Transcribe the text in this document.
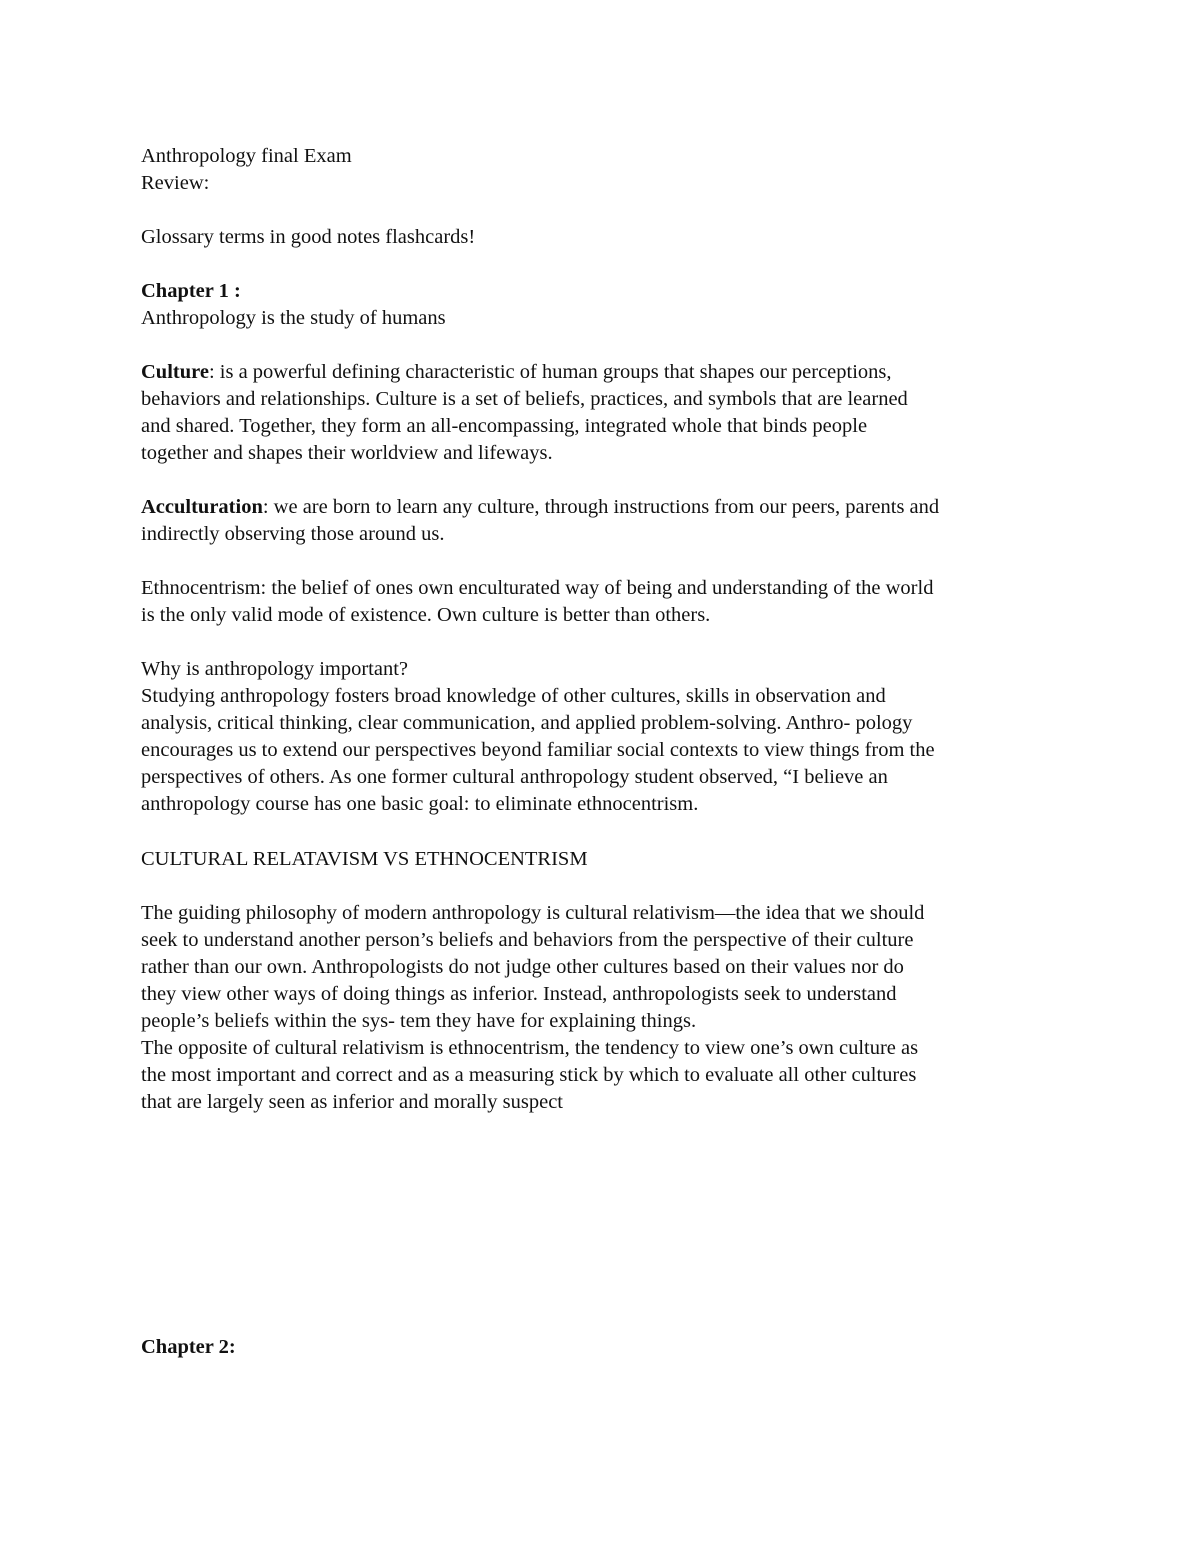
Anthropology final Exam
Review:
Glossary terms in good notes flashcards!
Chapter 1 :
Anthropology is the study of humans
Culture: is a powerful defining characteristic of human groups that shapes our perceptions,
behaviors and relationships. Culture is a set of beliefs, practices, and symbols that are learned
and shared. Together, they form an all-encompassing, integrated whole that binds people
together and shapes their worldview and lifeways.
Acculturation: we are born to learn any culture, through instructions from our peers, parents and
indirectly observing those around us.
Ethnocentrism: the belief of ones own enculturated way of being and understanding of the world
is the only valid mode of existence. Own culture is better than others.
Why is anthropology important?
Studying anthropology fosters broad knowledge of other cultures, skills in observation and
analysis, critical thinking, clear communication, and applied problem-solving. Anthro- pology
encourages us to extend our perspectives beyond familiar social contexts to view things from the
perspectives of others. As one former cultural anthropology student observed, “I believe an
anthropology course has one basic goal: to eliminate ethnocentrism.
CULTURAL RELATAVISM VS ETHNOCENTRISM
The guiding philosophy of modern anthropology is cultural relativism—the idea that we should
seek to understand another person’s beliefs and behaviors from the perspective of their culture
rather than our own. Anthropologists do not judge other cultures based on their values nor do
they view other ways of doing things as inferior. Instead, anthropologists seek to understand
people’s beliefs within the sys- tem they have for explaining things.
The opposite of cultural relativism is ethnocentrism, the tendency to view one’s own culture as
the most important and correct and as a measuring stick by which to evaluate all other cultures
that are largely seen as inferior and morally suspect
Chapter 2:
